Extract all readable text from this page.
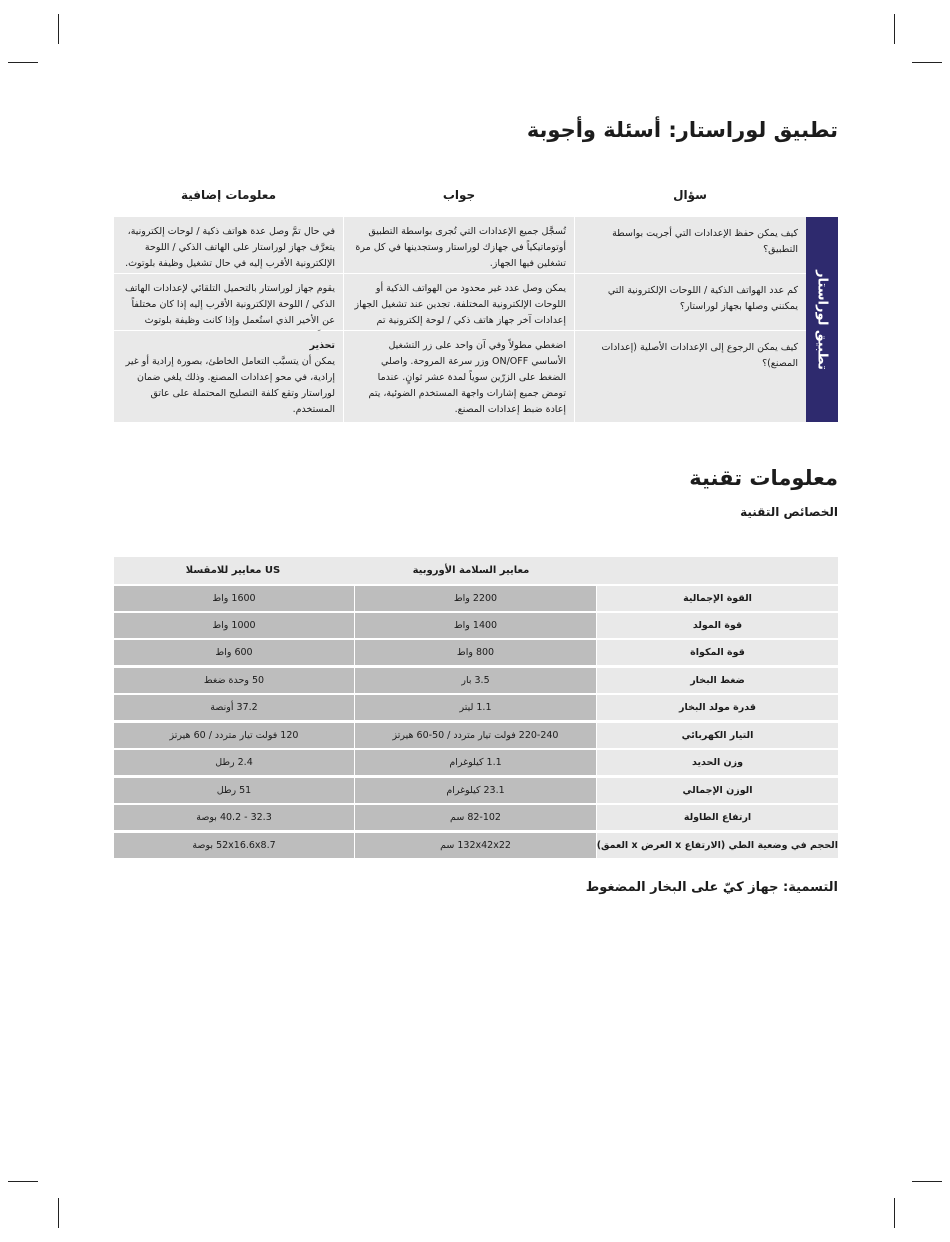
تطبيق لوراستار: أسئلة وأجوبة
سؤال
جواب
معلومات إضافية
تطبيق لوراستار
كيف يمكن حفظ الإعدادات التي أجريت بواسطة التطبيق؟
تُسجَّل جميع الإعدادات التي تُجرى بواسطة التطبيق أوتوماتيكياً في جهازك لوراستار وستجدينها في كل مرة تشغلين فيها الجهاز.
في حال تمَّ وصل عدة هواتف ذكية / لوحات إلكترونية، يتعرَّف جهاز لوراستار على الهاتف الذكي / اللوحة الإلكترونية الأقرب إليه في حال تشغيل وظيفة بلوتوث.
كم عدد الهواتف الذكية / اللوحات الإلكترونية التي يمكنني وصلها بجهاز لوراستار؟
يمكن وصل عدد غير محدود من الهواتف الذكية أو اللوحات الإلكترونية المختلفة. تجدين عند تشغيل الجهاز إعدادات آخر جهاز هاتف ذكي / لوحة إلكترونية تم
يقوم جهاز لوراستار بالتحميل التلقائي لإعدادات الهاتف الذكي / اللوحة الإلكترونية الأقرب إليه إذا كان مختلفاً عن الأخير الذي استُعمل وإذا كانت وظيفة بلوتوث
كيف يمكن الرجوع إلى الإعدادات الأصلية (إعدادات المصنع)؟
اضغطي مطولاً وفي آن واحد على زر التشغيل الأساسي ON/OFF وزر سرعة المروحة. واصلي الضغط على الزرّين سوياً لمدة عشر ثوانٍ. عندما تومض جميع إشارات واجهة المستخدم الضوئية، يتم إعادة ضبط إعدادات المصنع.
تحذير
يمكن أن يتسبَّب التعامل الخاطئ، بصورة إرادية أو غير إرادية، في محو إعدادات المصنع. وذلك يلغي ضمان لوراستار وتقع كلفة التصليح المحتملة على عاتق المستخدم.
معلومات تقنية
الخصائص التقنية
معايير السلامة الأوروبية
US معايير للامقسلا
القوة الإجمالية
2200 واط
1600 واط
قوة المولد
1400 واط
1000 واط
قوة المكواة
800 واط
600 واط
ضغط البخار
3.5 بار
50 وحدة ضغط
قدرة مولد البخار
1.1 ليتر
37.2 أونصة
التيار الكهربائي
220-240 فولت تيار متردد / 50-60 هيرتز
120 فولت تيار متردد / 60 هيرتز
وزن الحديد
1.1 كيلوغرام
2.4 رطل
الوزن الإجمالي
23.1 كيلوغرام
51 رطل
ارتفاع الطاولة
82-102 سم
32.3 - 40.2 بوصة
الحجم في وضعية الطي (الارتفاع x العرض x العمق)
132x42x22 سم
52x16.6x8.7 بوصة

التسمية: جهاز كيّ على البخار المضغوط
